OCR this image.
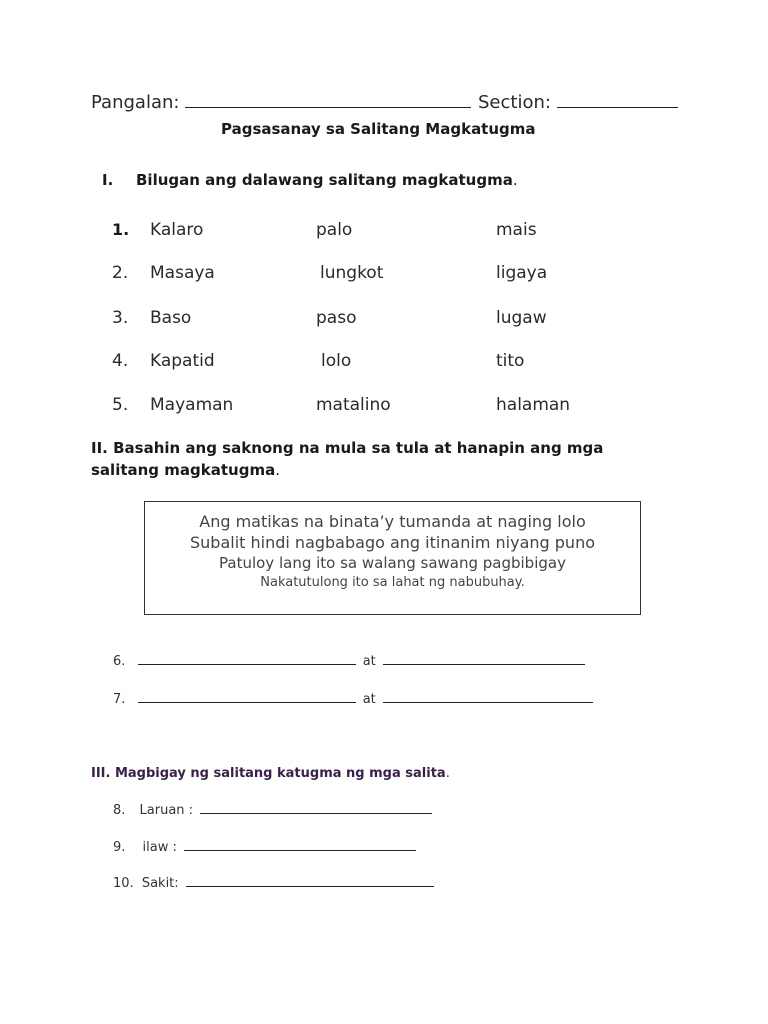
Pangalan:	Section:
Pagsasanay sa Salitang Magkatugma
I. Bilugan ang dalawang salitang magkatugma.
1. Kalaro	palo	mais
2. Masaya	lungkot	ligaya
3. Baso	paso	lugaw
4. Kapatid	lolo	tito
5. Mayaman	matalino	halaman
II. Basahin ang saknong na mula sa tula at hanapin ang mga
salitang magkatugma.
Ang matikas na binata’y tumanda at naging lolo
Subalit hindi nagbabago ang itinanim niyang puno
Patuloy lang ito sa walang sawang pagbibigay
Nakatutulong ito sa lahat ng nabubuhay.
6.	at
7.	at
III. Magbigay ng salitang katugma ng mga salita.
8. Laruan :
9. ilaw :
10. Sakit:
